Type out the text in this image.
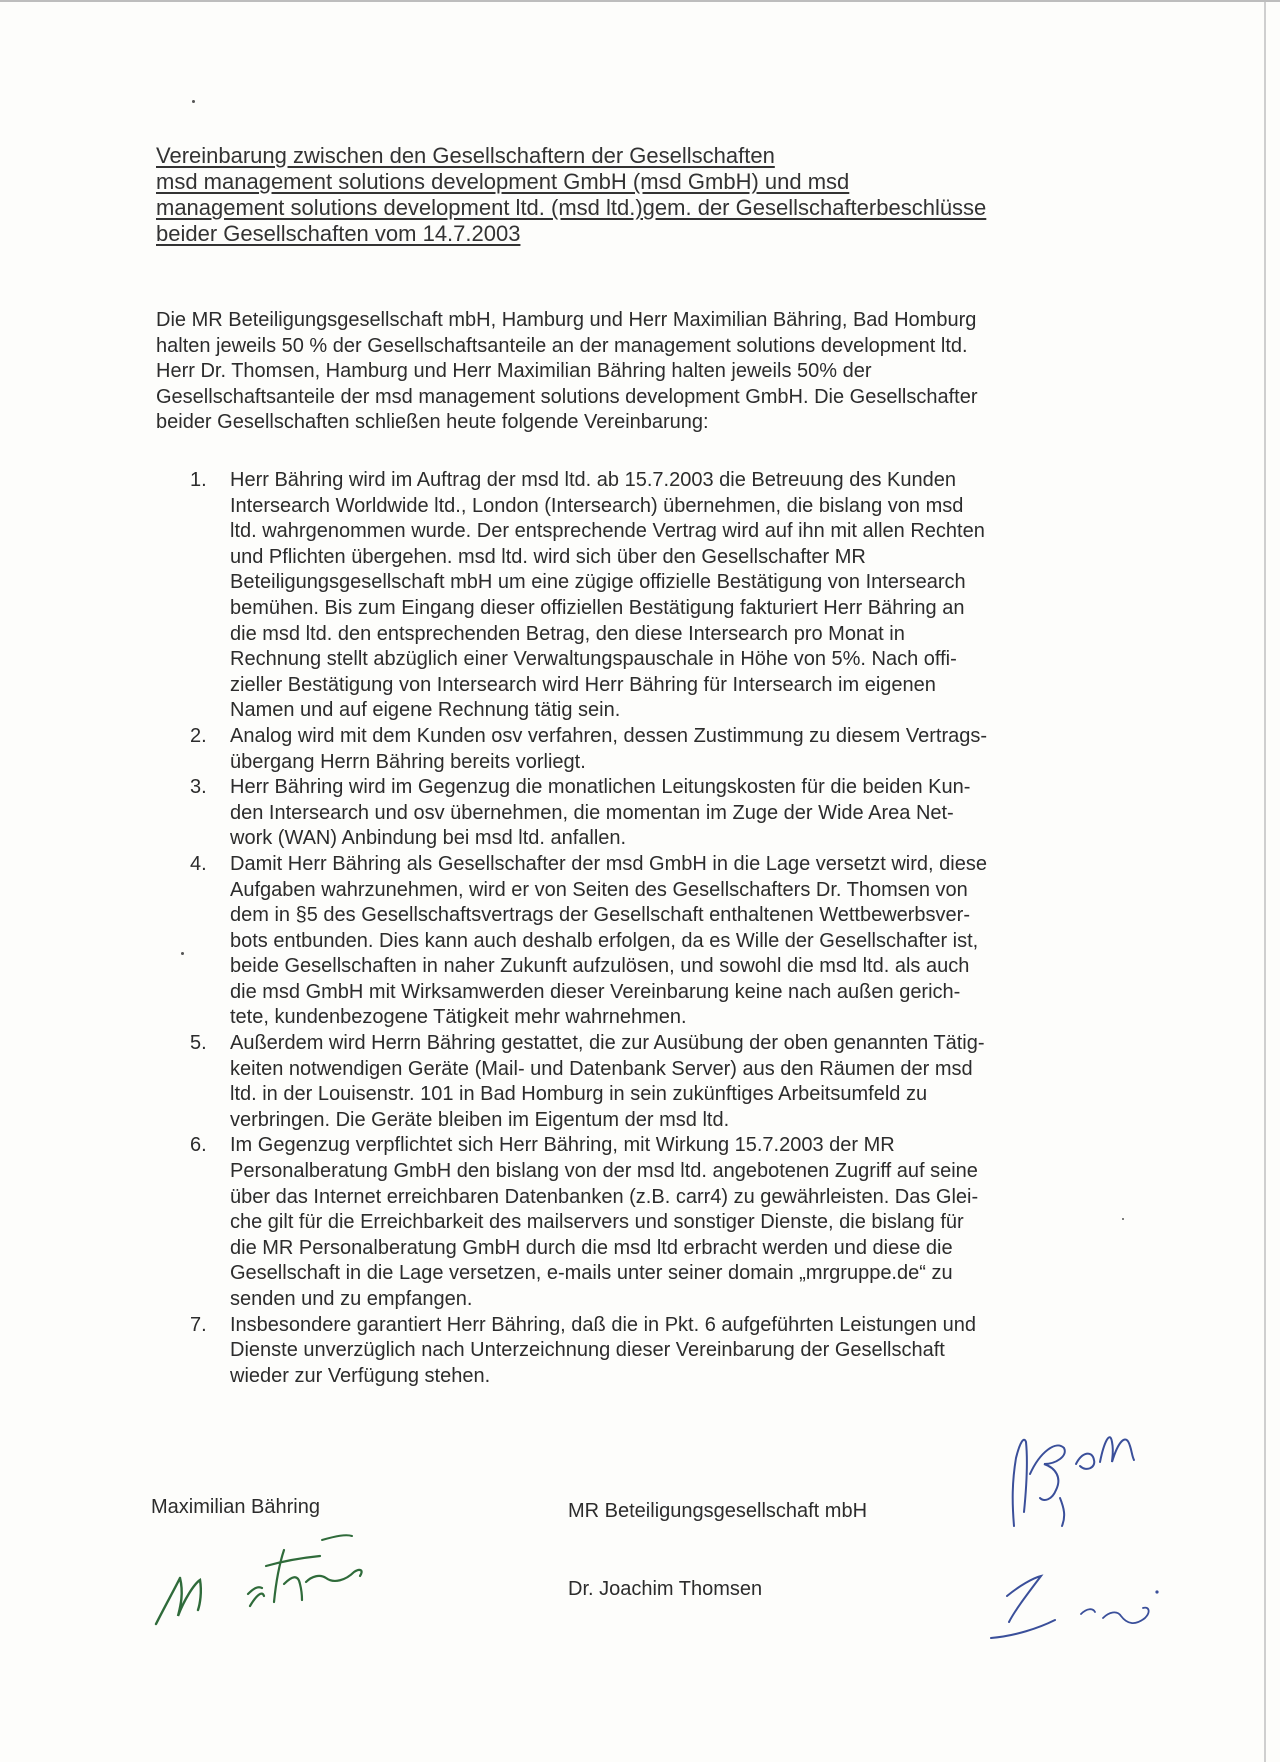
Vereinbarung zwischen den Gesellschaftern der Gesellschaften
msd management solutions development GmbH (msd GmbH) und msd
management solutions development ltd. (msd ltd.)gem. der Gesellschafterbeschlüsse
beider Gesellschaften vom 14.7.2003
Die MR Beteiligungsgesellschaft mbH, Hamburg und Herr Maximilian Bähring, Bad Homburg
halten jeweils 50 % der Gesellschaftsanteile an der management solutions development ltd.
Herr Dr. Thomsen, Hamburg und Herr Maximilian Bähring halten jeweils 50% der
Gesellschaftsanteile der msd management solutions development GmbH. Die Gesellschafter
beider Gesellschaften schließen heute folgende Vereinbarung:
1.	Herr Bähring wird im Auftrag der msd ltd. ab 15.7.2003 die Betreuung des Kunden
Intersearch Worldwide ltd., London (Intersearch) übernehmen, die bislang von msd
ltd. wahrgenommen wurde. Der entsprechende Vertrag wird auf ihn mit allen Rechten
und Pflichten übergehen. msd ltd. wird sich über den Gesellschafter MR
Beteiligungsgesellschaft mbH um eine zügige offizielle Bestätigung von Intersearch
bemühen. Bis zum Eingang dieser offiziellen Bestätigung fakturiert Herr Bähring an
die msd ltd. den entsprechenden Betrag, den diese Intersearch pro Monat in
Rechnung stellt abzüglich einer Verwaltungspauschale in Höhe von 5%. Nach offi-
zieller Bestätigung von Intersearch wird Herr Bähring für Intersearch im eigenen
Namen und auf eigene Rechnung tätig sein.
2.	Analog wird mit dem Kunden osv verfahren, dessen Zustimmung zu diesem Vertrags-
übergang Herrn Bähring bereits vorliegt.
3.	Herr Bähring wird im Gegenzug die monatlichen Leitungskosten für die beiden Kun-
den Intersearch und osv übernehmen, die momentan im Zuge der Wide Area Net-
work (WAN) Anbindung bei msd ltd. anfallen.
4.	Damit Herr Bähring als Gesellschafter der msd GmbH in die Lage versetzt wird, diese
Aufgaben wahrzunehmen, wird er von Seiten des Gesellschafters Dr. Thomsen von
dem in §5 des Gesellschaftsvertrags der Gesellschaft enthaltenen Wettbewerbsver-
bots entbunden. Dies kann auch deshalb erfolgen, da es Wille der Gesellschafter ist,
beide Gesellschaften in naher Zukunft aufzulösen, und sowohl die msd ltd. als auch
die msd GmbH mit Wirksamwerden dieser Vereinbarung keine nach außen gerich-
tete, kundenbezogene Tätigkeit mehr wahrnehmen.
5.	Außerdem wird Herrn Bähring gestattet, die zur Ausübung der oben genannten Tätig-
keiten notwendigen Geräte (Mail- und Datenbank Server) aus den Räumen der msd
ltd. in der Louisenstr. 101 in Bad Homburg in sein zukünftiges Arbeitsumfeld zu
verbringen. Die Geräte bleiben im Eigentum der msd ltd.
6.	Im Gegenzug verpflichtet sich Herr Bähring, mit Wirkung 15.7.2003 der MR
Personalberatung GmbH den bislang von der msd ltd. angebotenen Zugriff auf seine
über das Internet erreichbaren Datenbanken (z.B. carr4) zu gewährleisten. Das Glei-
che gilt für die Erreichbarkeit des mailservers und sonstiger Dienste, die bislang für
die MR Personalberatung GmbH durch die msd ltd erbracht werden und diese die
Gesellschaft in die Lage versetzen, e-mails unter seiner domain „mrgruppe.de“ zu
senden und zu empfangen.
7.	Insbesondere garantiert Herr Bähring, daß die in Pkt. 6 aufgeführten Leistungen und
Dienste unverzüglich nach Unterzeichnung dieser Vereinbarung der Gesellschaft
wieder zur Verfügung stehen.
Maximilian Bähring	MR Beteiligungsgesellschaft mbH
Dr. Joachim Thomsen
